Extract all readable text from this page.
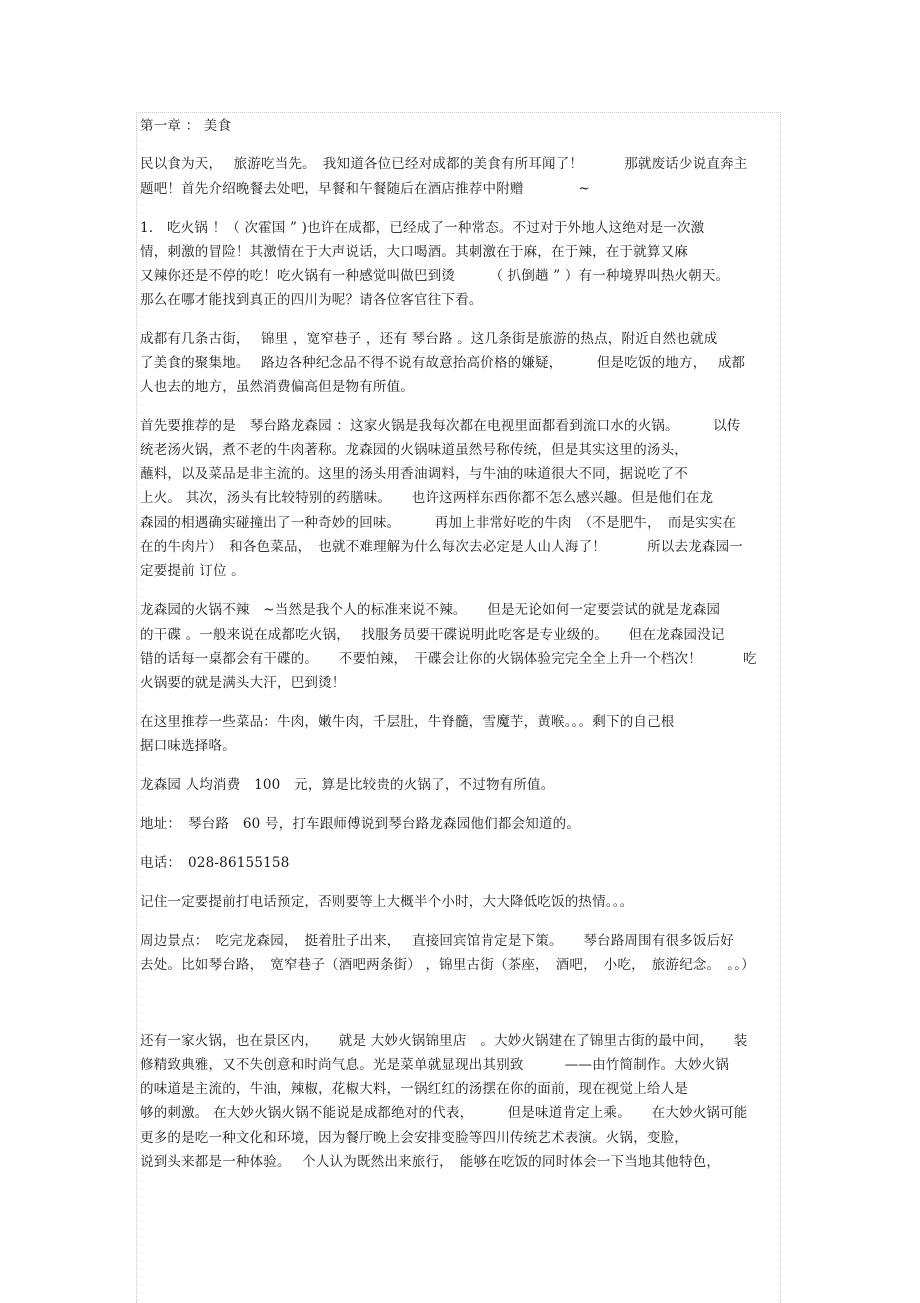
第一章 ： 美食
民以食为天，　 旅游吃当先。　我知道各位已经对成都的美食有所耳闻了！　　　那就废话少说直奔主
题吧！首先介绍晚餐去处吧，早餐和午餐随后在酒店推荐中附赠　　　　~
1.　吃火锅 ！（ 次霍国 ” )也许在成都，已经成了一种常态。不过对于外地人这绝对是一次激
情，刺激的冒险！其激情在于大声说话，大口喝酒。其刺激在于麻，在于辣，在于就算又麻
又辣你还是不停的吃！吃火锅有一种感觉叫做巴到烫　　　（ 扒倒趟 ” ）有一种境界叫热火朝天。
那么在哪才能找到真正的四川为呢？请各位客官往下看。
成都有几条古街，　 锦里 ，宽窄巷子 ，还有 琴台路 。这几条街是旅游的热点，附近自然也就成
了美食的聚集地。　 路边各种纪念品不得不说有故意抬高价格的嫌疑，　　　但是吃饭的地方，　 成都
人也去的地方，虽然消费偏高但是物有所值。
首先要推荐的是　琴台路龙森园 ：这家火锅是我每次都在电视里面都看到流口水的火锅。　　　以传
统老汤火锅，煮不老的牛肉著称。龙森园的火锅味道虽然号称传统，但是其实这里的汤头，
蘸料，以及菜品是非主流的。这里的汤头用香油调料，与牛油的味道很大不同，据说吃了不
上火。 其次，汤头有比较特别的药膳味。　　也许这两样东西你都不怎么感兴趣。但是他们在龙
森园的相遇确实碰撞出了一种奇妙的回味。　　　再加上非常好吃的牛肉　（不是肥牛，　而是实实在
在的牛肉片）　和各色菜品，　也就不难理解为什么每次去必定是人山人海了！　　　所以去龙森园一
定要提前 订位 。
龙森园的火锅不辣　~当然是我个人的标准来说不辣。　　但是无论如何一定要尝试的就是龙森园
的干碟 。一般来说在成都吃火锅，　 找服务员要干碟说明此吃客是专业级的。　　但在龙森园没记
错的话每一桌都会有干碟的。　　不要怕辣，　干碟会让你的火锅体验完完全全上升一个档次！　　　吃
火锅要的就是满头大汗，巴到烫！
在这里推荐一些菜品：牛肉，嫩牛肉，千层肚，牛脊髓，雪魔芋，黄喉。。。剩下的自己根
据口味选择咯。
龙森园 人均消费　100　元，算是比较贵的火锅了，不过物有所值。
地址：　琴台路　60 号，打车跟师傅说到琴台路龙森园他们都会知道的。
电话：　028-86155158
记住一定要提前打电话预定，否则要等上大概半个小时，大大降低吃饭的热情。。。
周边景点：　吃完龙森园，　挺着肚子出来，　 直接回宾馆肯定是下策。　　琴台路周围有很多饭后好
去处。比如琴台路，　宽窄巷子（酒吧两条街） ，锦里古街（茶座，　酒吧，　小吃，　旅游纪念。　。。）
还有一家火锅，也在景区内，　　就是 大妙火锅锦里店　。大妙火锅建在了锦里古街的最中间，　　装
修精致典雅，又不失创意和时尚气息。光是菜单就显现出其别致　　　——由竹简制作。大妙火锅
的味道是主流的，牛油，辣椒，花椒大料，一锅红红的汤摆在你的面前，现在视觉上给人是
够的刺激。 在大妙火锅火锅不能说是成都绝对的代表，　　　但是味道肯定上乘。　　在大妙火锅可能
更多的是吃一种文化和环境，因为餐厅晚上会安排变脸等四川传统艺术表演。火锅，变脸，
说到头来都是一种体验。　 个人认为既然出来旅行，　能够在吃饭的同时体会一下当地其他特色，
